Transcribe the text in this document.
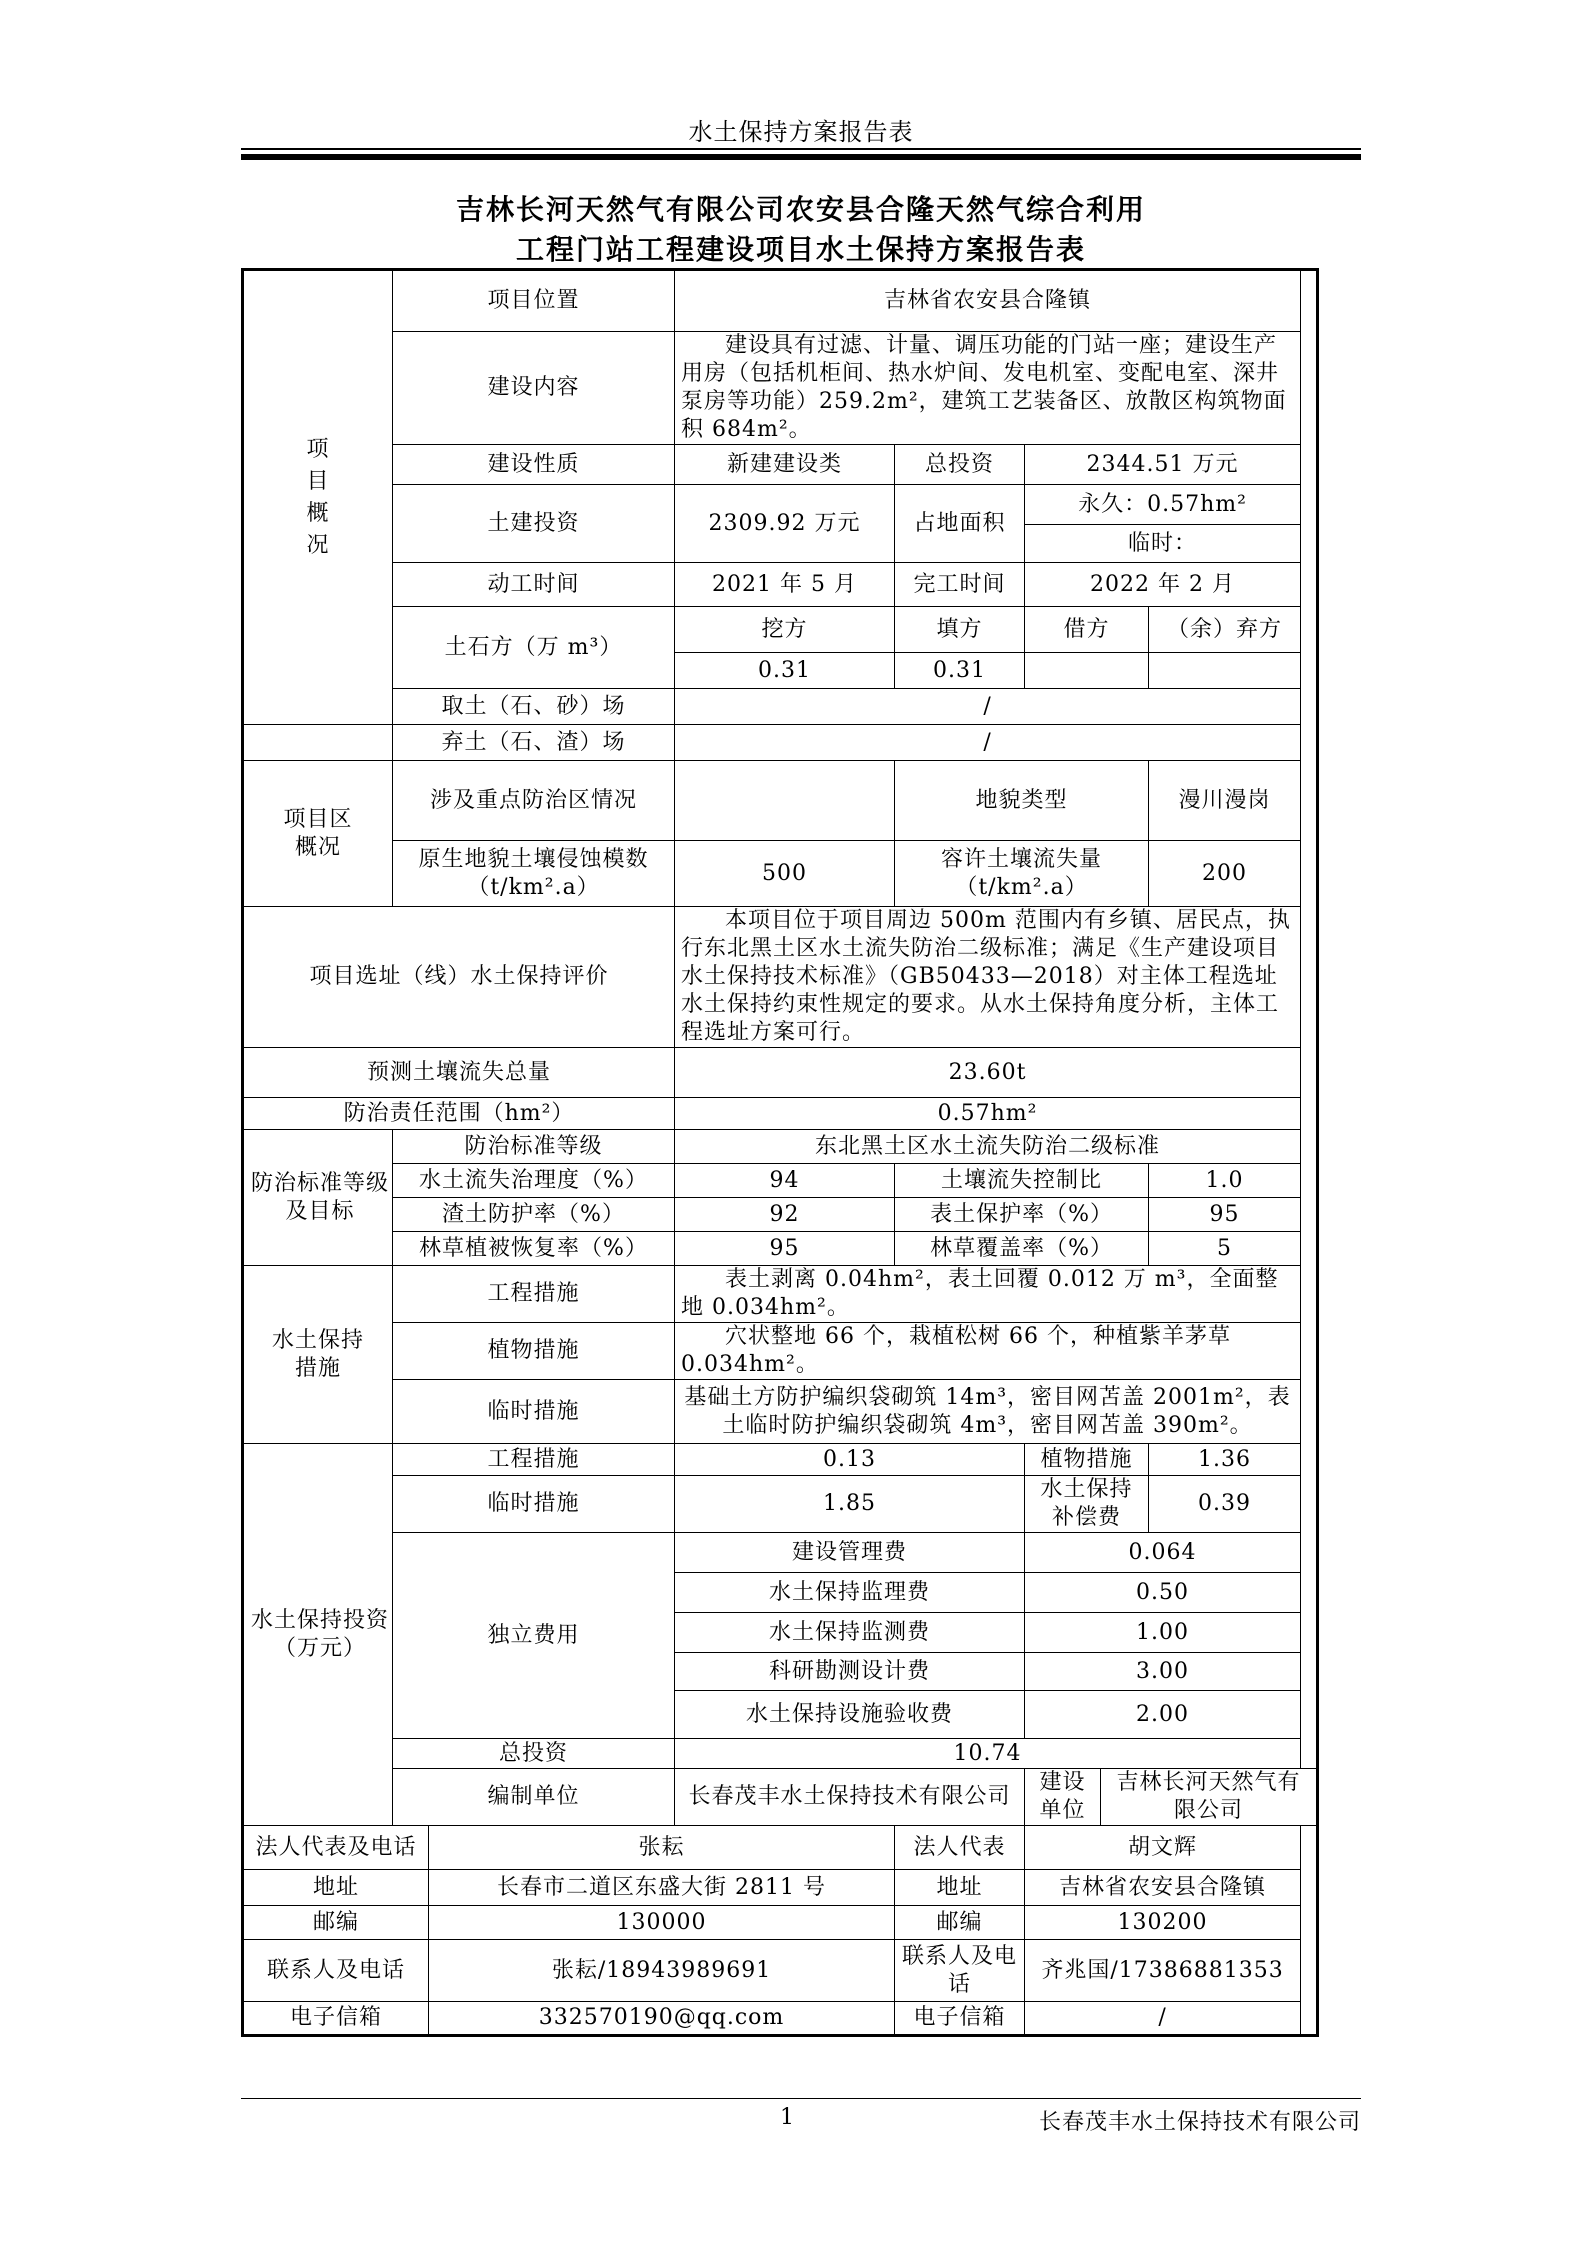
水土保持方案报告表
吉林长河天然气有限公司农安县合隆天然气综合利用
工程门站工程建设项目水土保持方案报告表
项目概况	项目位置		吉林省农安县合隆镇				
	建设内容		建设具有过滤、计量、调压功能的门站一座；建设生产用房（包括机柜间、热水炉间、发电机室、变配电室、深井泵房等功能）259.2m²，建筑工艺装备区、放散区构筑物面积 684m²。				
	建设性质		新建建设类	总投资	2344.51 万元		
	土建投资		2309.92 万元	占地面积	永久：0.57hm²		
					临时：		
	动工时间		2021 年 5 月	完工时间	2022 年 2 月		
	土石方（万 m³）		挖方	填方	借方		（余）弃方
			0.31	0.31			
	取土（石、砂）场		/				
	弃土（石、渣）场		/				

项目区概况	涉及重点防治区情况			地貌类型			漫川漫岗
	原生地貌土壤侵蚀模数（t/km².a）		500	容许土壤流失量（t/km².a）			200
项目选址（线）水土保持评价			本项目位于项目周边 500m 范围内有乡镇、居民点，执行东北黑土区水土流失防治二级标准；满足《生产建设项目水土保持技术标准》（GB50433—2018）对主体工程选址水土保持约束性规定的要求。从水土保持角度分析，主体工程选址方案可行。				
预测土壤流失总量			23.60t				
防治责任范围（hm²）			0.57hm²				

防治标准等级及目标	防治标准等级		东北黑土区水土流失防治二级标准				
	水土流失治理度（%）		94	土壤流失控制比			1.0
	渣土防护率（%）		92	表土保护率（%）			95
	林草植被恢复率（%）		95	林草覆盖率（%）			5

水土保持措施	工程措施		表土剥离 0.04hm²，表土回覆 0.012 万 m³，全面整地 0.034hm²。				
	植物措施		穴状整地 66 个，栽植松树 66 个，种植紫羊茅草 0.034hm²。				
	临时措施		基础土方防护编织袋砌筑 14m³，密目网苫盖 2001m²，表土临时防护编织袋砌筑 4m³，密目网苫盖 390m²。				

水土保持投资（万元）	工程措施		0.13		植物措施		1.36
	临时措施		1.85		水土保持补偿费		0.39
	独立费用		建设管理费		0.064		
			水土保持监理费		0.50		
			水土保持监测费		1.00		
			科研勘测设计费		3.00		
			水土保持设施验收费		2.00		
	总投资		10.74				
	编制单位		长春茂丰水土保持技术有限公司		建设单位	吉林长河天然气有限公司	
法人代表及电话		张耘		法人代表	胡文辉		
地址		长春市二道区东盛大街 2811 号		地址	吉林省农安县合隆镇		
邮编		130000		邮编	130200		
联系人及电话		张耘/18943989691		联系人及电话	齐兆国/17386881353		
电子信箱		332570190@qq.com		电子信箱	/		
1	长春茂丰水土保持技术有限公司
